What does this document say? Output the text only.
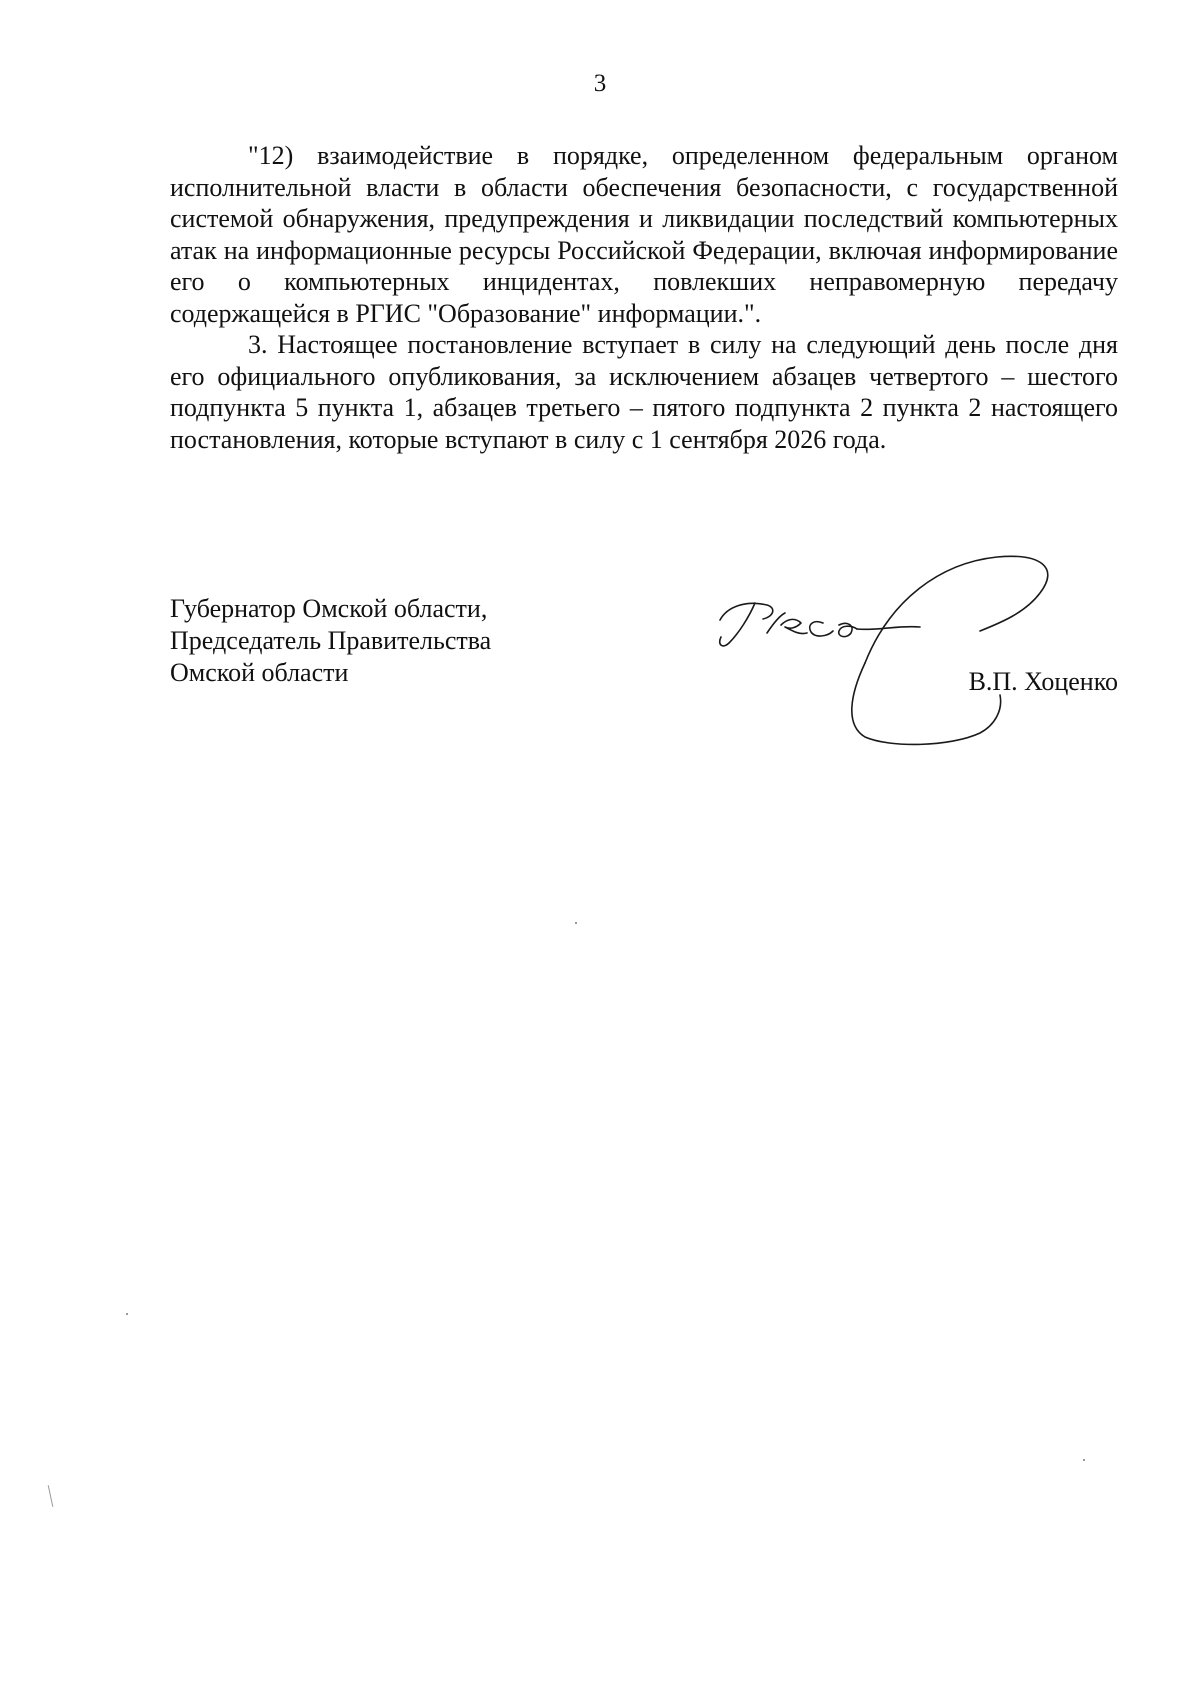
3

"12) взаимодействие в порядке, определенном федеральным органом исполнительной власти в области обеспечения безопасности, с государственной системой обнаружения, предупреждения и ликвидации последствий компьютерных атак на информационные ресурсы Российской Федерации, включая информирование его о компьютерных инцидентах, повлекших неправомерную передачу содержащейся в РГИС "Образование" информации.".

3. Настоящее постановление вступает в силу на следующий день после дня его официального опубликования, за исключением абзацев четвертого – шестого подпункта 5 пункта 1, абзацев третьего – пятого подпункта 2 пункта 2 настоящего постановления, которые вступают в силу с 1 сентября 2026 года.

Губернатор Омской области,
Председатель Правительства
Омской области	В.П. Хоценко
